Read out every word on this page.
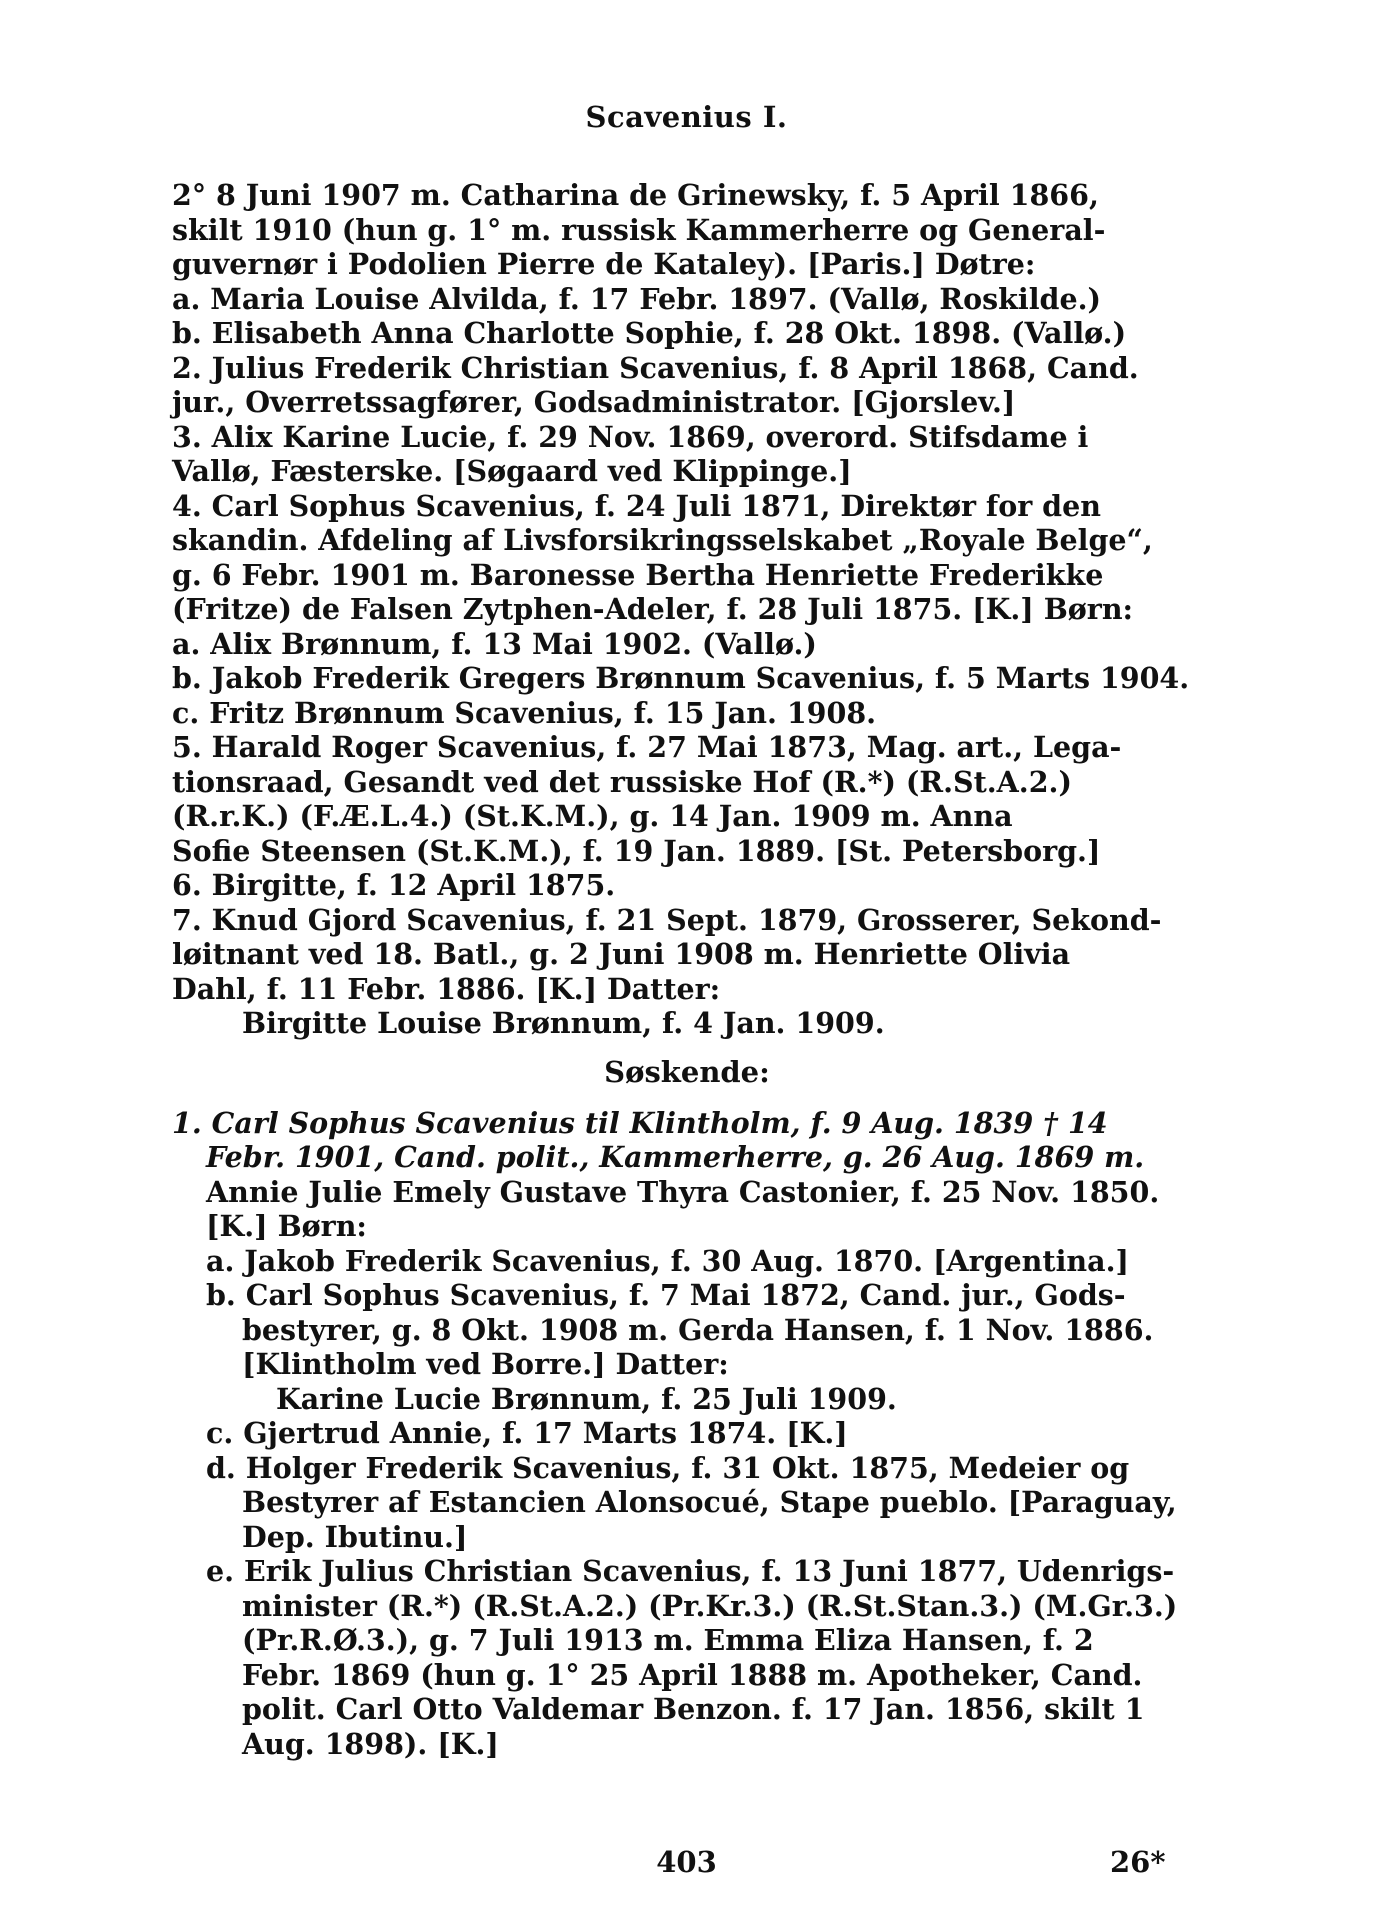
Scavenius I.
2° 8 Juni 1907 m. Catharina de Grinewsky, f. 5 April 1866,
skilt 1910 (hun g. 1° m. russisk Kammerherre og General-
guvernør i Podolien Pierre de Kataley). [Paris.] Døtre:
a. Maria Louise Alvilda, f. 17 Febr. 1897. (Vallø, Roskilde.)
b. Elisabeth Anna Charlotte Sophie, f. 28 Okt. 1898. (Vallø.)
2. Julius Frederik Christian Scavenius, f. 8 April 1868, Cand.
jur., Overretssagfører, Godsadministrator. [Gjorslev.]
3. Alix Karine Lucie, f. 29 Nov. 1869, overord. Stifsdame i
Vallø, Fæsterske. [Søgaard ved Klippinge.]
4. Carl Sophus Scavenius, f. 24 Juli 1871, Direktør for den
skandin. Afdeling af Livsforsikringsselskabet „Royale Belge“,
g. 6 Febr. 1901 m. Baronesse Bertha Henriette Frederikke
(Fritze) de Falsen Zytphen-Adeler, f. 28 Juli 1875. [K.] Børn:
a. Alix Brønnum, f. 13 Mai 1902. (Vallø.)
b. Jakob Frederik Gregers Brønnum Scavenius, f. 5 Marts 1904.
c. Fritz Brønnum Scavenius, f. 15 Jan. 1908.
5. Harald Roger Scavenius, f. 27 Mai 1873, Mag. art., Lega-
tionsraad, Gesandt ved det russiske Hof (R.*) (R.St.A.2.)
(R.r.K.) (F.Æ.L.4.) (St.K.M.), g. 14 Jan. 1909 m. Anna
Sofie Steensen (St.K.M.), f. 19 Jan. 1889. [St. Petersborg.]
6. Birgitte, f. 12 April 1875.
7. Knud Gjord Scavenius, f. 21 Sept. 1879, Grosserer, Sekond-
løitnant ved 18. Batl., g. 2 Juni 1908 m. Henriette Olivia
Dahl, f. 11 Febr. 1886. [K.] Datter:
Birgitte Louise Brønnum, f. 4 Jan. 1909.
Søskende:
1. Carl Sophus Scavenius til Klintholm, f. 9 Aug. 1839 † 14
Febr. 1901, Cand. polit., Kammerherre, g. 26 Aug. 1869 m.
Annie Julie Emely Gustave Thyra Castonier, f. 25 Nov. 1850.
[K.] Børn:
a. Jakob Frederik Scavenius, f. 30 Aug. 1870. [Argentina.]
b. Carl Sophus Scavenius, f. 7 Mai 1872, Cand. jur., Gods-
bestyrer, g. 8 Okt. 1908 m. Gerda Hansen, f. 1 Nov. 1886.
[Klintholm ved Borre.] Datter:
Karine Lucie Brønnum, f. 25 Juli 1909.
c. Gjertrud Annie, f. 17 Marts 1874. [K.]
d. Holger Frederik Scavenius, f. 31 Okt. 1875, Medeier og
Bestyrer af Estancien Alonsocué, Stape pueblo. [Paraguay,
Dep. Ibutinu.]
e. Erik Julius Christian Scavenius, f. 13 Juni 1877, Udenrigs-
minister (R.*) (R.St.A.2.) (Pr.Kr.3.) (R.St.Stan.3.) (M.Gr.3.)
(Pr.R.Ø.3.), g. 7 Juli 1913 m. Emma Eliza Hansen, f. 2
Febr. 1869 (hun g. 1° 25 April 1888 m. Apotheker, Cand.
polit. Carl Otto Valdemar Benzon. f. 17 Jan. 1856, skilt 1
Aug. 1898). [K.]
403	26*
